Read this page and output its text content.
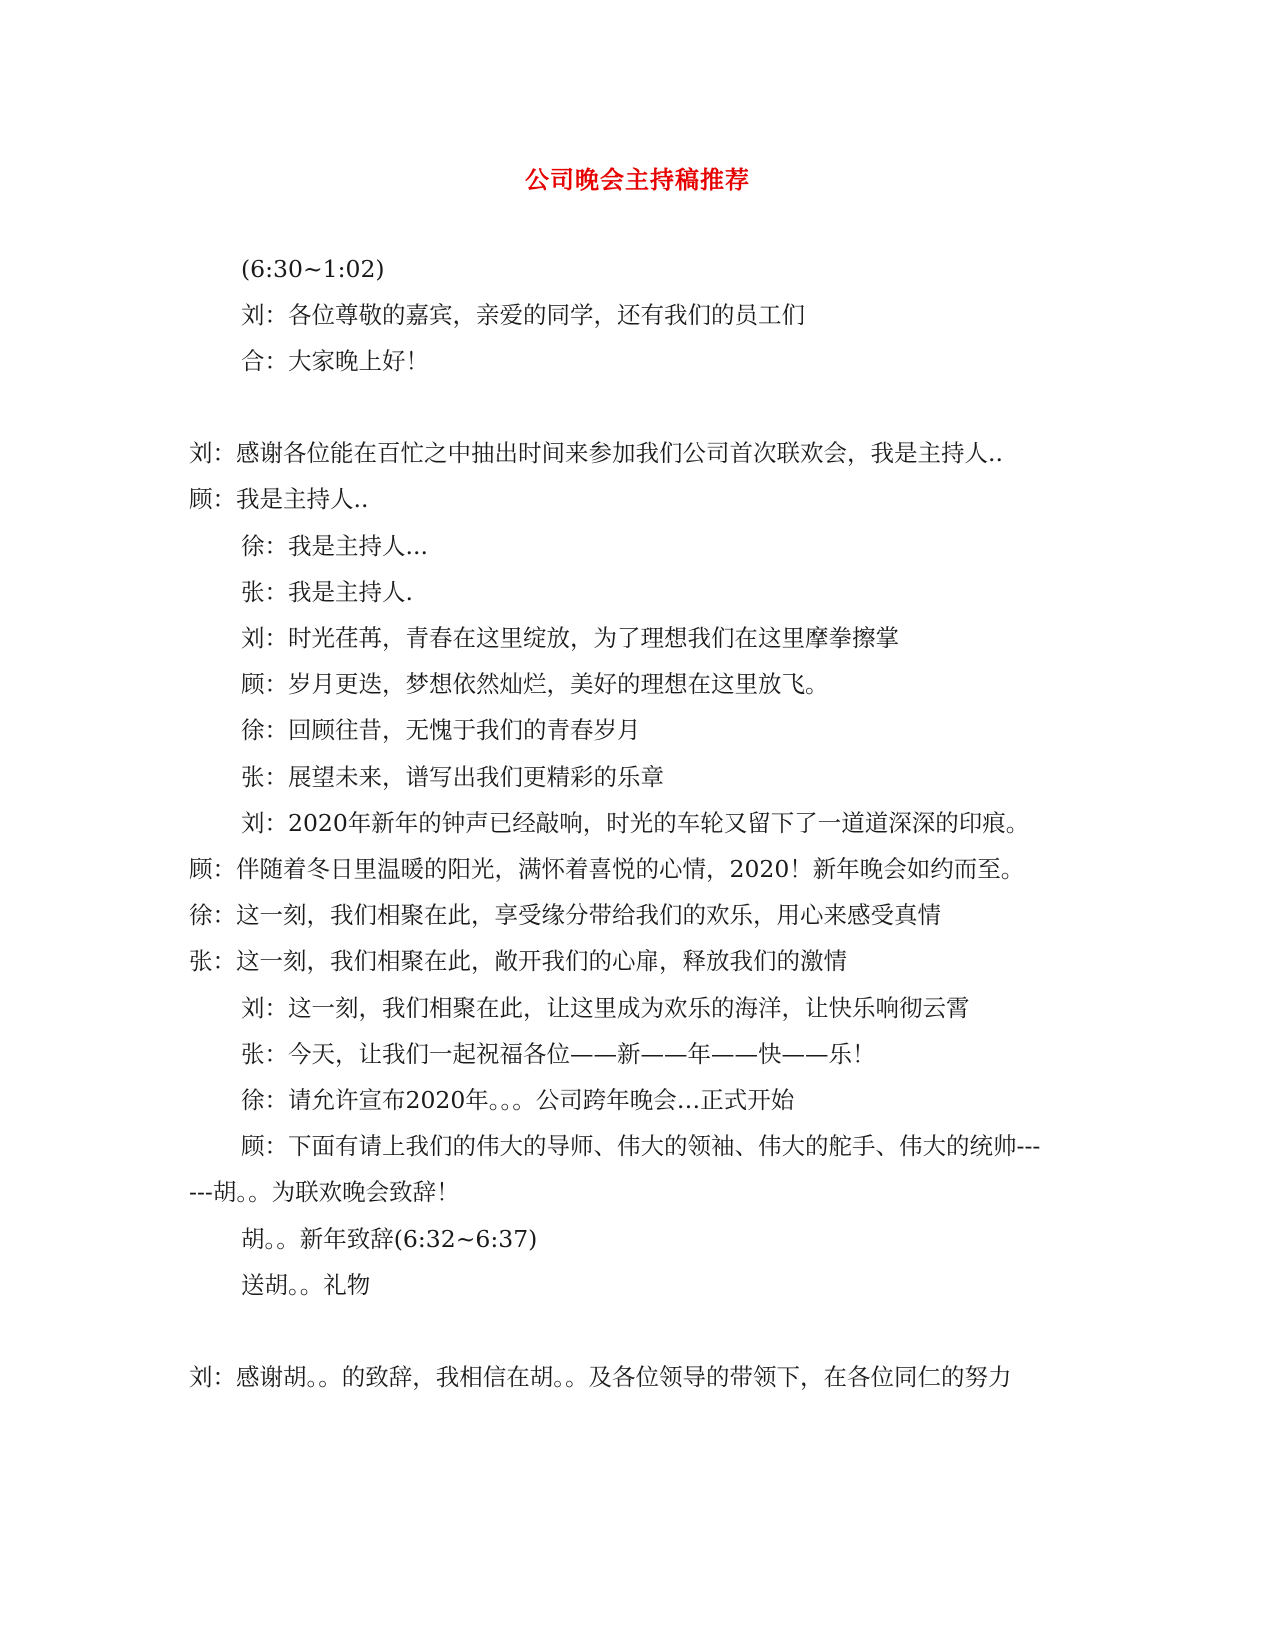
公司晚会主持稿推荐
(6:30~1:02)
刘：各位尊敬的嘉宾，亲爱的同学，还有我们的员工们
合：大家晚上好！
刘：感谢各位能在百忙之中抽出时间来参加我们公司首次联欢会，我是主持人..
顾：我是主持人..
徐：我是主持人...
张：我是主持人.
刘：时光荏苒，青春在这里绽放，为了理想我们在这里摩拳擦掌
顾：岁月更迭，梦想依然灿烂，美好的理想在这里放飞。
徐：回顾往昔，无愧于我们的青春岁月
张：展望未来，谱写出我们更精彩的乐章
刘：2020年新年的钟声已经敲响，时光的车轮又留下了一道道深深的印痕。
顾：伴随着冬日里温暖的阳光，满怀着喜悦的心情，2020！新年晚会如约而至。
徐：这一刻，我们相聚在此，享受缘分带给我们的欢乐，用心来感受真情
张：这一刻，我们相聚在此，敞开我们的心扉，释放我们的激情
刘：这一刻，我们相聚在此，让这里成为欢乐的海洋，让快乐响彻云霄
张：今天，让我们一起祝福各位——新——年——快——乐！
徐：请允许宣布2020年。。。公司跨年晚会…正式开始
顾：下面有请上我们的伟大的导师、伟大的领袖、伟大的舵手、伟大的统帅---
---胡。。为联欢晚会致辞！
胡。。新年致辞(6:32~6:37)
送胡。。礼物
刘：感谢胡。。的致辞，我相信在胡。。及各位领导的带领下，在各位同仁的努力
